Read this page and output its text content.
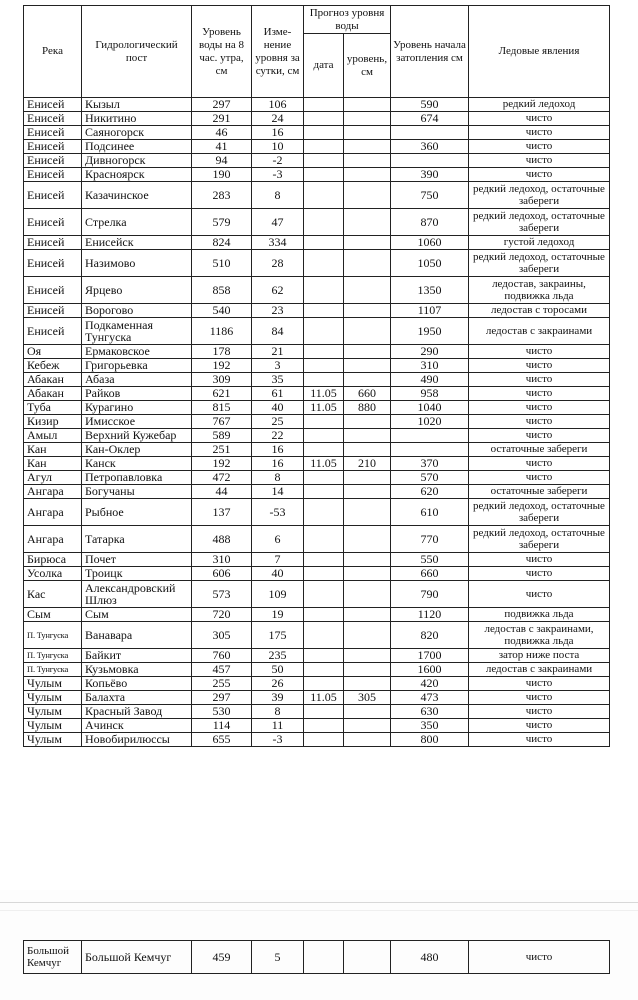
Река	Гидрологический пост	Уровень воды на 8 час. утра, см	Изме-нение уровня за сутки, см	Прогноз уровня воды		Уровень начала затопления см	Ледовые явления
				дата	уровень, см		
Енисей	Кызыл	297	106			590	редкий ледоход
Енисей	Никитино	291	24			674	чисто
Енисей	Саяногорск	46	16				чисто
Енисей	Подсинее	41	10			360	чисто
Енисей	Дивногорск	94	-2				чисто
Енисей	Красноярск	190	-3			390	чисто
Енисей	Казачинское	283	8			750	редкий ледоход, остаточные забереги
Енисей	Стрелка	579	47			870	редкий ледоход, остаточные забереги
Енисей	Енисейск	824	334			1060	густой ледоход
Енисей	Назимово	510	28			1050	редкий ледоход, остаточные забереги
Енисей	Ярцево	858	62			1350	ледостав, закраины, подвижка льда
Енисей	Ворогово	540	23			1107	ледостав с торосами
Енисей	Подкаменная Тунгуска	1186	84			1950	ледостав с закраинами
Оя	Ермаковское	178	21			290	чисто
Кебеж	Григорьевка	192	3			310	чисто
Абакан	Абаза	309	35			490	чисто
Абакан	Райков	621	61	11.05	660	958	чисто
Туба	Курагино	815	40	11.05	880	1040	чисто
Кизир	Имисское	767	25			1020	чисто
Амыл	Верхний Кужебар	589	22				чисто
Кан	Кан-Оклер	251	16				остаточные забереги
Кан	Канск	192	16	11.05	210	370	чисто
Агул	Петропавловка	472	8			570	чисто
Ангара	Богучаны	44	14			620	остаточные забереги
Ангара	Рыбное	137	-53			610	редкий ледоход, остаточные забереги
Ангара	Татарка	488	6			770	редкий ледоход, остаточные забереги
Бирюса	Почет	310	7			550	чисто
Усолка	Троицк	606	40			660	чисто
Кас	Александровский Шлюз	573	109			790	чисто
Сым	Сым	720	19			1120	подвижка льда
П. Тунгуска	Ванавара	305	175			820	ледостав с закраинами, подвижка льда
П. Тунгуска	Байкит	760	235			1700	затор ниже поста
П. Тунгуска	Кузьмовка	457	50			1600	ледостав с закраинами
Чулым	Копьёво	255	26			420	чисто
Чулым	Балахта	297	39	11.05	305	473	чисто
Чулым	Красный Завод	530	8			630	чисто
Чулым	Ачинск	114	11			350	чисто
Чулым	Новобирилюссы	655	-3			800	чисто
Большой Кемчуг	Большой Кемчуг	459	5			480	чисто
